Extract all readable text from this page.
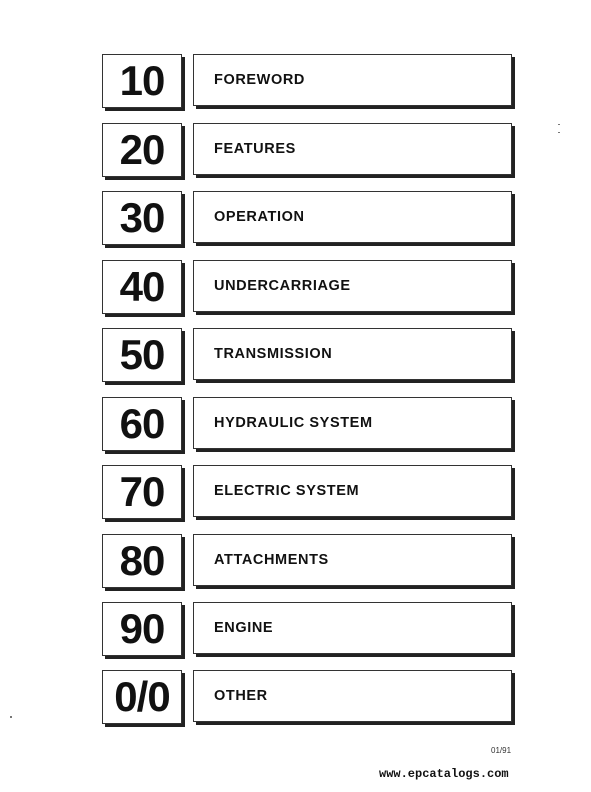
10	FOREWORD
20	FEATURES
30	OPERATION
40	UNDERCARRIAGE
50	TRANSMISSION
60	HYDRAULIC SYSTEM
70	ELECTRIC SYSTEM
80	ATTACHMENTS
90	ENGINE
0/0	OTHER
01/91
www.epcatalogs.com
